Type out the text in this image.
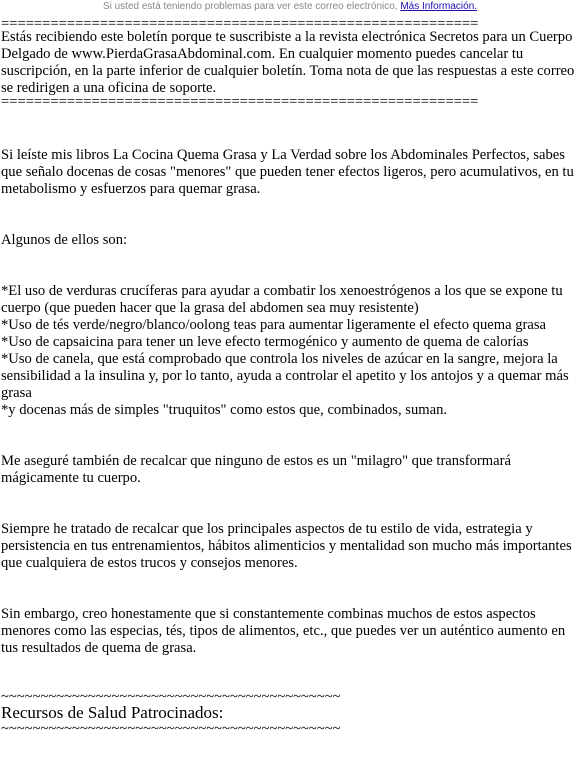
Si usted está teniendo problemas para ver este correo electrónico, Más Información.
==========================================================

Estás recibiendo este boletín porque te suscribiste a la revista electrónica Secretos para un Cuerpo Delgado de www.PierdaGrasaAbdominal.com. En cualquier momento puedes cancelar tu suscripción, en la parte inferior de cualquier boletín. Toma nota de que las respuestas a este correo se redirigen a una oficina de soporte.

==========================================================

Si leíste mis libros La Cocina Quema Grasa y La Verdad sobre los Abdominales Perfectos, sabes que señalo docenas de cosas "menores" que pueden tener efectos ligeros, pero acumulativos, en tu metabolismo y esfuerzos para quemar grasa.

Algunos de ellos son:

*El uso de verduras crucíferas para ayudar a combatir los xenoestrógenos a los que se expone tu cuerpo (que pueden hacer que la grasa del abdomen sea muy resistente)

*Uso de tés verde/negro/blanco/oolong teas para aumentar ligeramente el efecto quema grasa

*Uso de capsaicina para tener un leve efecto termogénico y aumento de quema de calorías

*Uso de canela, que está comprobado que controla los niveles de azúcar en la sangre, mejora la sensibilidad a la insulina y, por lo tanto, ayuda a controlar el apetito y los antojos y a quemar más grasa

*y docenas más de simples "truquitos" como estos que, combinados, suman.

Me aseguré también de recalcar que ninguno de estos es un "milagro" que transformará mágicamente tu cuerpo.

Siempre he tratado de recalcar que los principales aspectos de tu estilo de vida, estrategia y persistencia en tus entrenamientos, hábitos alimenticios y mentalidad son mucho más importantes que cualquiera de estos trucos y consejos menores.

Sin embargo, creo honestamente que si constantemente combinas muchos de estos aspectos menores como las especias, tés, tipos de alimentos, etc., que puedes ver un auténtico aumento en tus resultados de quema de grasa.

~~~~~~~~~~~~~~~~~~~~~~~~~~~~~~~~~~~~~~~~~~~

Recursos de Salud Patrocinados:

~~~~~~~~~~~~~~~~~~~~~~~~~~~~~~~~~~~~~~~~~~~
